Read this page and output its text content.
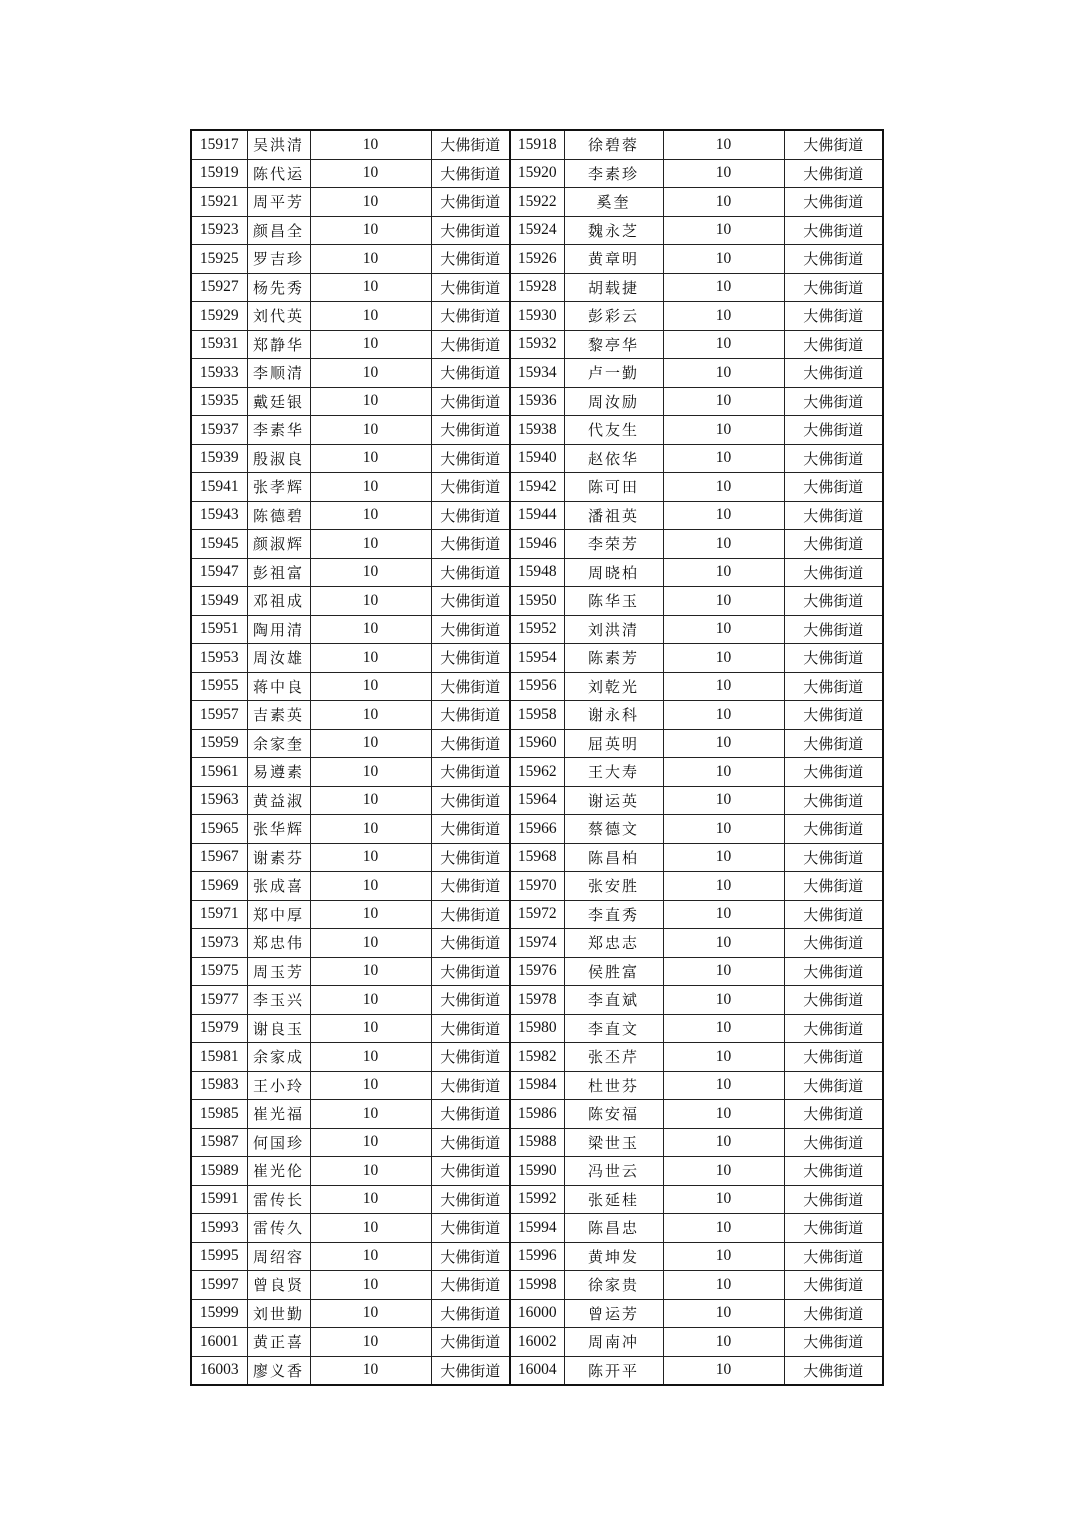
15917	吴洪清	10	大佛街道	15918	徐碧蓉	10	大佛街道
15919	陈代运	10	大佛街道	15920	李素珍	10	大佛街道
15921	周平芳	10	大佛街道	15922	奚奎	10	大佛街道
15923	颜昌全	10	大佛街道	15924	魏永芝	10	大佛街道
15925	罗吉珍	10	大佛街道	15926	黄章明	10	大佛街道
15927	杨先秀	10	大佛街道	15928	胡载捷	10	大佛街道
15929	刘代英	10	大佛街道	15930	彭彩云	10	大佛街道
15931	郑静华	10	大佛街道	15932	黎亭华	10	大佛街道
15933	李顺清	10	大佛街道	15934	卢一勤	10	大佛街道
15935	戴廷银	10	大佛街道	15936	周汝励	10	大佛街道
15937	李素华	10	大佛街道	15938	代友生	10	大佛街道
15939	殷淑良	10	大佛街道	15940	赵依华	10	大佛街道
15941	张孝辉	10	大佛街道	15942	陈可田	10	大佛街道
15943	陈德碧	10	大佛街道	15944	潘祖英	10	大佛街道
15945	颜淑辉	10	大佛街道	15946	李荣芳	10	大佛街道
15947	彭祖富	10	大佛街道	15948	周晓柏	10	大佛街道
15949	邓祖成	10	大佛街道	15950	陈华玉	10	大佛街道
15951	陶用清	10	大佛街道	15952	刘洪清	10	大佛街道
15953	周汝雄	10	大佛街道	15954	陈素芳	10	大佛街道
15955	蒋中良	10	大佛街道	15956	刘乾光	10	大佛街道
15957	吉素英	10	大佛街道	15958	谢永科	10	大佛街道
15959	余家奎	10	大佛街道	15960	屈英明	10	大佛街道
15961	易遵素	10	大佛街道	15962	王大寿	10	大佛街道
15963	黄益淑	10	大佛街道	15964	谢运英	10	大佛街道
15965	张华辉	10	大佛街道	15966	蔡德文	10	大佛街道
15967	谢素芬	10	大佛街道	15968	陈昌柏	10	大佛街道
15969	张成喜	10	大佛街道	15970	张安胜	10	大佛街道
15971	郑中厚	10	大佛街道	15972	李直秀	10	大佛街道
15973	郑忠伟	10	大佛街道	15974	郑忠志	10	大佛街道
15975	周玉芳	10	大佛街道	15976	侯胜富	10	大佛街道
15977	李玉兴	10	大佛街道	15978	李直斌	10	大佛街道
15979	谢良玉	10	大佛街道	15980	李直文	10	大佛街道
15981	余家成	10	大佛街道	15982	张丕芹	10	大佛街道
15983	王小玲	10	大佛街道	15984	杜世芬	10	大佛街道
15985	崔光福	10	大佛街道	15986	陈安福	10	大佛街道
15987	何国珍	10	大佛街道	15988	梁世玉	10	大佛街道
15989	崔光伦	10	大佛街道	15990	冯世云	10	大佛街道
15991	雷传长	10	大佛街道	15992	张延桂	10	大佛街道
15993	雷传久	10	大佛街道	15994	陈昌忠	10	大佛街道
15995	周绍容	10	大佛街道	15996	黄坤发	10	大佛街道
15997	曾良贤	10	大佛街道	15998	徐家贵	10	大佛街道
15999	刘世勤	10	大佛街道	16000	曾运芳	10	大佛街道
16001	黄正喜	10	大佛街道	16002	周南冲	10	大佛街道
16003	廖义香	10	大佛街道	16004	陈开平	10	大佛街道
